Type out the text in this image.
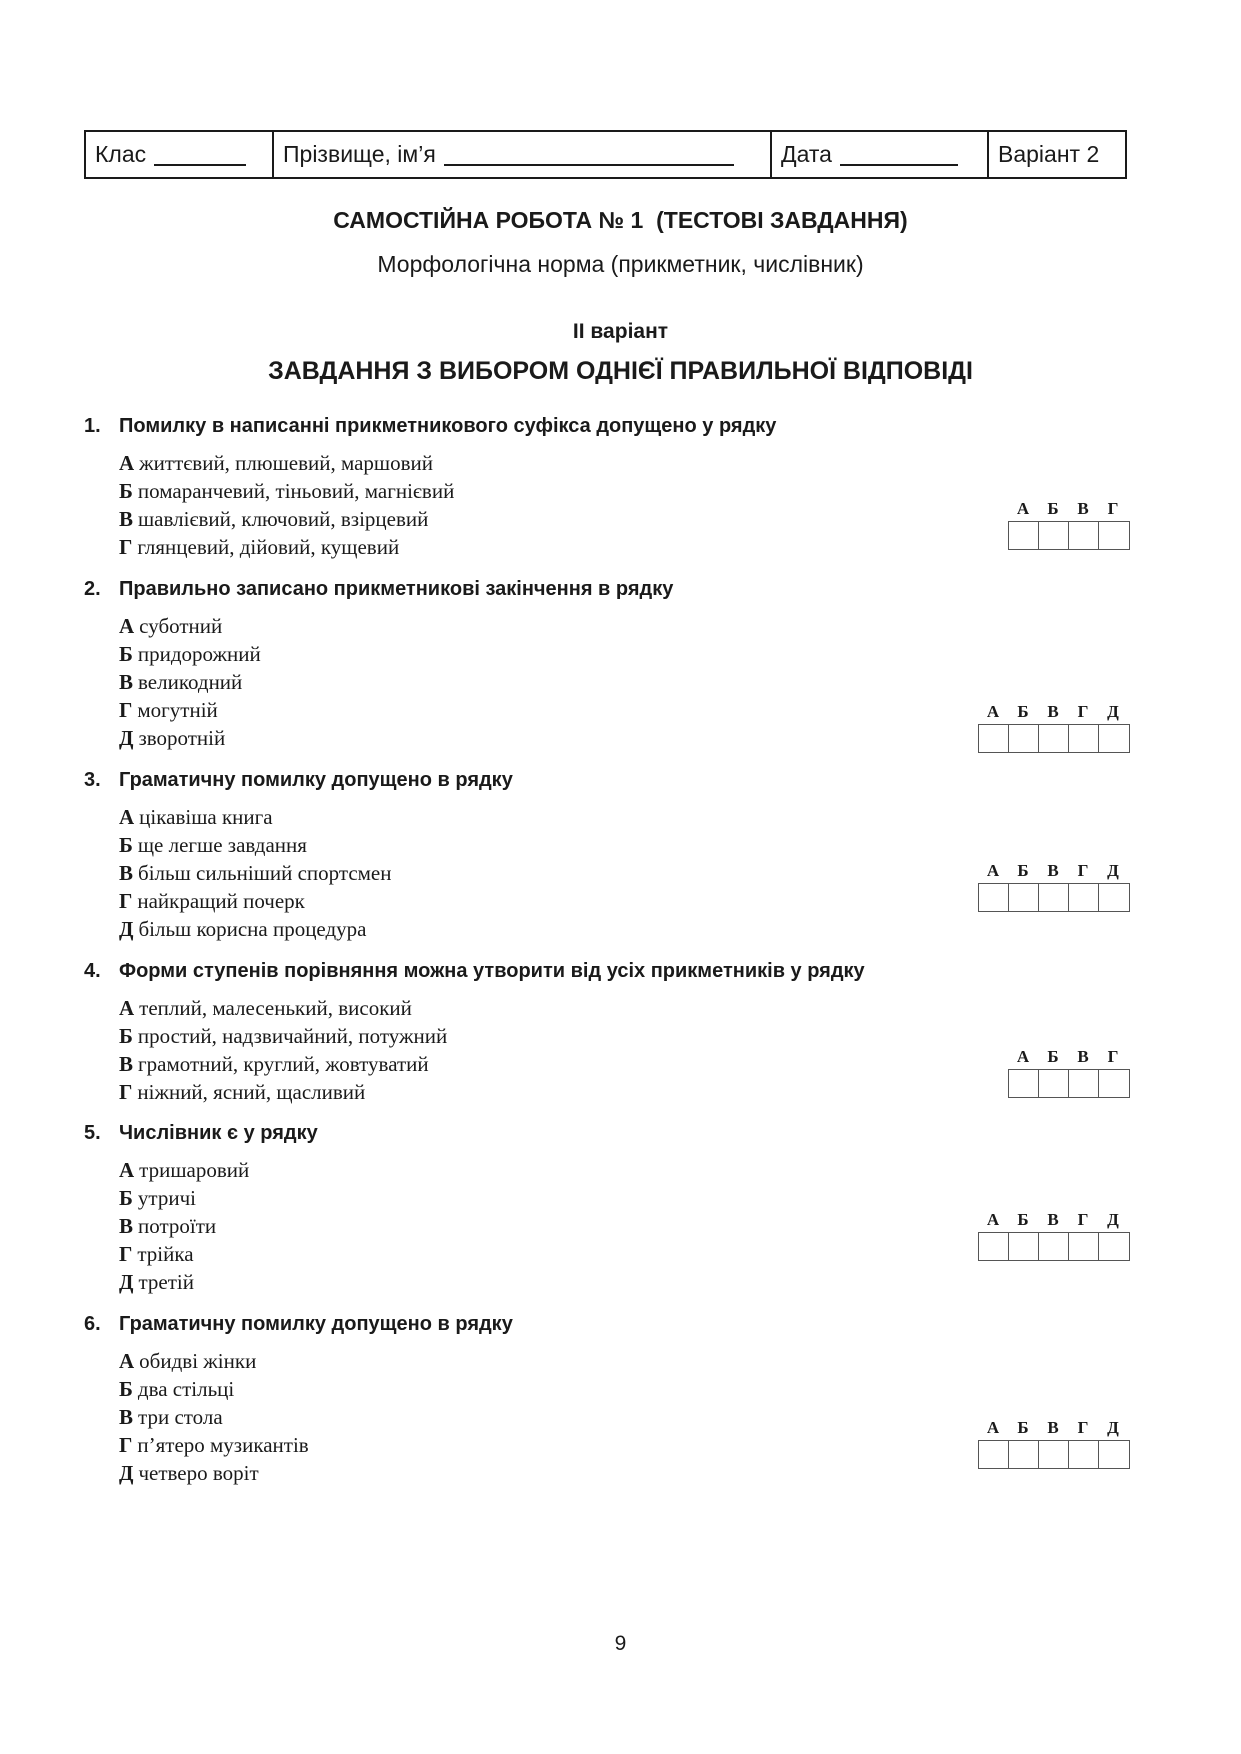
Клас	Прізвище, ім’я	Дата	Варіант 2
САМОСТІЙНА РОБОТА № 1  (ТЕСТОВІ ЗАВДАННЯ)
Морфологічна норма (прикметник, числівник)
ІІ варіант
ЗАВДАННЯ З ВИБОРОМ ОДНІЄЇ ПРАВИЛЬНОЇ ВІДПОВІДІ
1. Помилку в написанні прикметникового суфікса допущено у рядку
А життєвий, плюшевий, маршовий
Б помаранчевий, тіньовий, магнієвий
В шавлієвий, ключовий, взірцевий
Г глянцевий, дійовий, кущевий
А	Б	В	Г
2. Правильно записано прикметникові закінчення в рядку
А суботний
Б придорожний
В великодний
Г могутній
Д зворотній
А	Б	В	Г	Д
3. Граматичну помилку допущено в рядку
А цікавіша книга
Б ще легше завдання
В більш сильніший спортсмен
Г найкращий почерк
Д більш корисна процедура
А	Б	В	Г	Д
4. Форми ступенів порівняння можна утворити від усіх прикметників у рядку
А теплий, малесенький, високий
Б простий, надзвичайний, потужний
В грамотний, круглий, жовтуватий
Г ніжний, ясний, щасливий
А	Б	В	Г
5. Числівник є у рядку
А тришаровий
Б утричі
В потроїти
Г трійка
Д третій
А	Б	В	Г	Д
6. Граматичну помилку допущено в рядку
А обидві жінки
Б два стільці
В три стола
Г п’ятеро музикантів
Д четверо воріт
А	Б	В	Г	Д
9
